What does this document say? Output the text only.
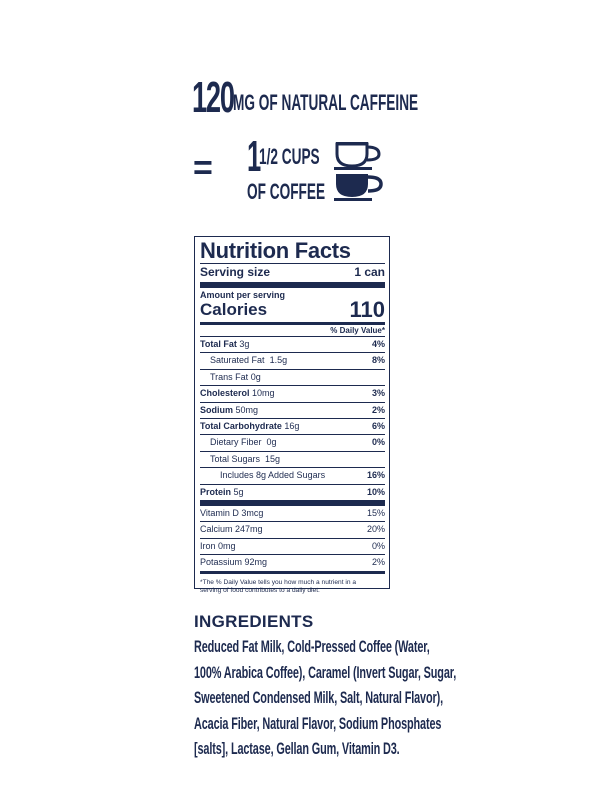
120 MG OF NATURAL CAFFEINE
= 1
1/2 CUPS
OF COFFEE
Nutrition Facts
Serving size	1 can
Amount per serving
Calories	110
% Daily Value*
Total Fat 3g	4%
Saturated Fat 1.5g	8%
Trans Fat 0g
Cholesterol 10mg	3%
Sodium 50mg	2%
Total Carbohydrate 16g	6%
Dietary Fiber 0g	0%
Total Sugars 15g
Includes 8g Added Sugars	16%
Protein 5g	10%
Vitamin D 3mcg	15%
Calcium 247mg	20%
Iron 0mg	0%
Potassium 92mg	2%
*The % Daily Value tells you how much a nutrient in a serving of food contributes to a daily diet.
INGREDIENTS
Reduced Fat Milk, Cold-Pressed Coffee (Water,
100% Arabica Coffee), Caramel (Invert Sugar, Sugar,
Sweetened Condensed Milk, Salt, Natural Flavor),
Acacia Fiber, Natural Flavor, Sodium Phosphates
[salts], Lactase, Gellan Gum, Vitamin D3.
